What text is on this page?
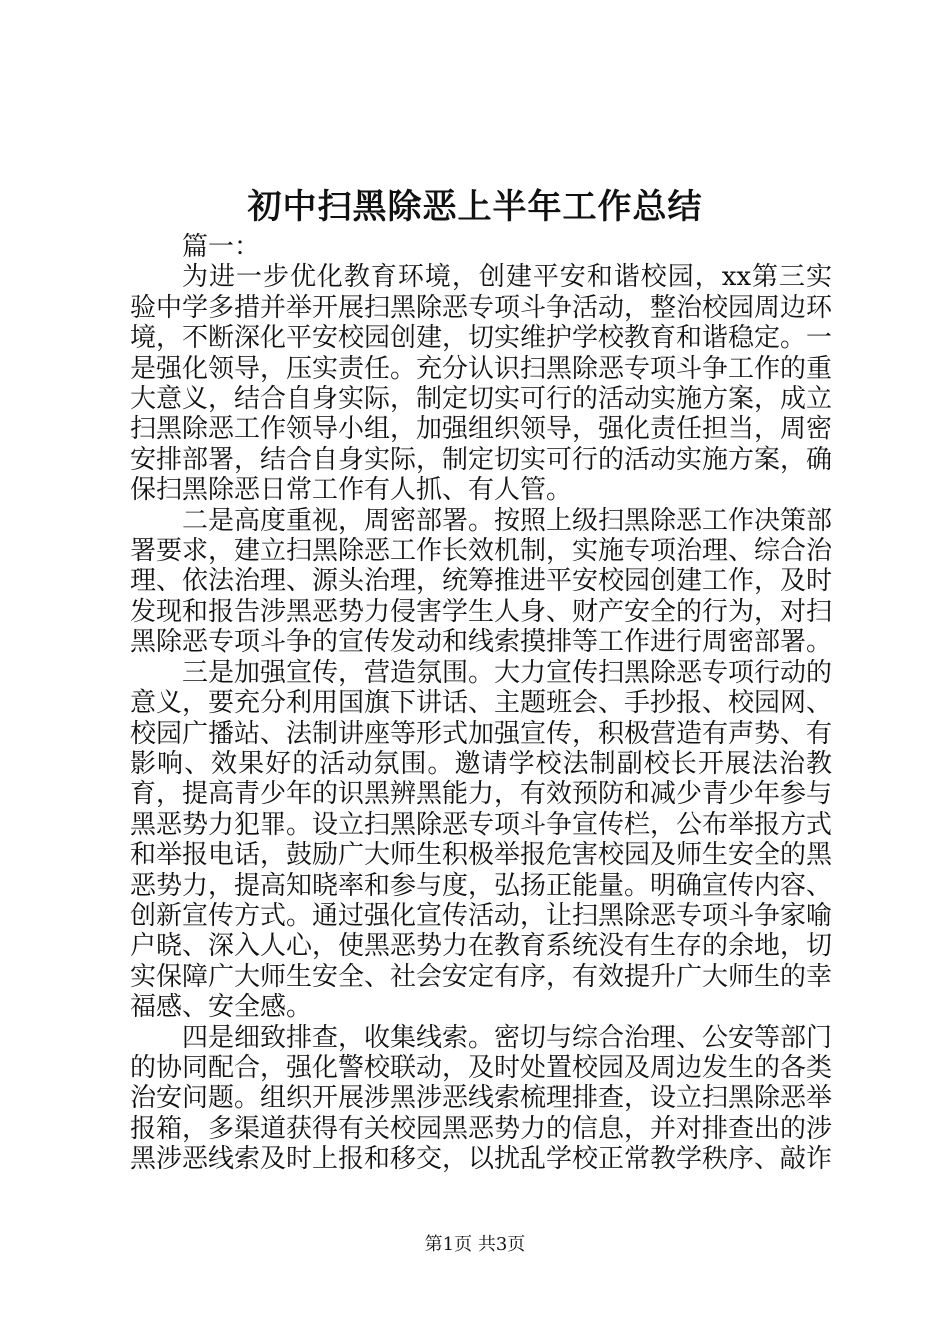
初中扫黑除恶上半年工作总结

篇一：

为进一步优化教育环境，创建平安和谐校园，xx第三实验中学多措并举开展扫黑除恶专项斗争活动，整治校园周边环境，不断深化平安校园创建，切实维护学校教育和谐稳定。一是强化领导，压实责任。充分认识扫黑除恶专项斗争工作的重大意义，结合自身实际，制定切实可行的活动实施方案，成立扫黑除恶工作领导小组，加强组织领导，强化责任担当，周密安排部署，结合自身实际，制定切实可行的活动实施方案，确保扫黑除恶日常工作有人抓、有人管。

二是高度重视，周密部署。按照上级扫黑除恶工作决策部署要求，建立扫黑除恶工作长效机制，实施专项治理、综合治理、依法治理、源头治理，统筹推进平安校园创建工作，及时发现和报告涉黑恶势力侵害学生人身、财产安全的行为，对扫黑除恶专项斗争的宣传发动和线索摸排等工作进行周密部署。

三是加强宣传，营造氛围。大力宣传扫黑除恶专项行动的意义，要充分利用国旗下讲话、主题班会、手抄报、校园网、校园广播站、法制讲座等形式加强宣传，积极营造有声势、有影响、效果好的活动氛围。邀请学校法制副校长开展法治教育，提高青少年的识黑辨黑能力，有效预防和减少青少年参与黑恶势力犯罪。设立扫黑除恶专项斗争宣传栏，公布举报方式和举报电话，鼓励广大师生积极举报危害校园及师生安全的黑恶势力，提高知晓率和参与度，弘扬正能量。明确宣传内容、创新宣传方式。通过强化宣传活动，让扫黑除恶专项斗争家喻户晓、深入人心，使黑恶势力在教育系统没有生存的余地，切实保障广大师生安全、社会安定有序，有效提升广大师生的幸福感、安全感。

四是细致排查，收集线索。密切与综合治理、公安等部门的协同配合，强化警校联动，及时处置校园及周边发生的各类治安问题。组织开展涉黑涉恶线索梳理排查，设立扫黑除恶举报箱，多渠道获得有关校园黑恶势力的信息，并对排查出的涉黑涉恶线索及时上报和移交，以扰乱学校正常教学秩序、敲诈

第1页 共3页
